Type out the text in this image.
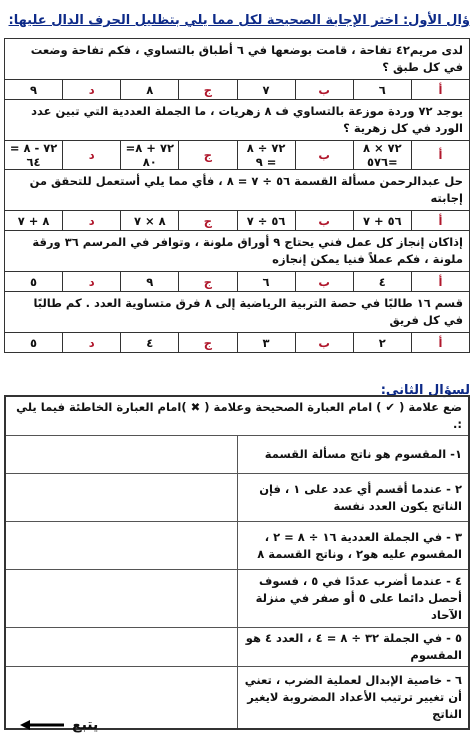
ؤال الأول: اختر الإجابة الصحيحة لكل مما يلي بتظليل الحرف الدال عليها:
لدى مريم٤٢ تفاحة ، قامت بوضعها في ٦ أطباق بالتساوي ، فكم تفاحة وضعت في كل طبق ؟							
أ	٦	ب	٧	ج	٨	د	٩
يوجد ٧٢ وردة موزعة بالتساوي ف ٨ زهريات ، ما الجملة العددية التي تبين عدد الورد في كل زهرية ؟							
أ	٧٢ × ٨ =٥٧٦	ب	٧٢ ÷ ٨ = ٩	ج	٧٢ + ٨= ٨٠	د	٧٢ - ٨ = ٦٤
حل عبدالرحمن مسألة القسمة ٥٦ ÷ ٧ = ٨ ، فأي مما يلي أستعمل للتحقق من إجابته							
أ	٥٦ + ٧	ب	٥٦ ÷ ٧	ج	٨ × ٧	د	٨ + ٧
إذاكان إنجاز كل عمل فني يحتاج ٩ أوراق ملونة ، وتوافر في المرسم ٣٦ ورقة ملونة ، فكم عملاً فنيا يمكن إنجازه							
أ	٤	ب	٦	ج	٩	د	٥
قسم ١٦ طالبًا في حصة التربية الرياضية إلى ٨ فرق متساوية العدد . كم طالبًا في كل فريق							
أ	٢	ب	٣	ج	٤	د	٥
لسؤال الثاني:
ضع علامة ( ✔ ) امام العبارة الصحيحة وعلامة ( ✖ )امام العبارة الخاطئة فيما يلي :.	
١- المقسوم هو ناتج مسألة القسمة	
٢ - عندما أقسم أي عدد على ١ ، فإن الناتج يكون العدد نفسة	
٣ - في الجملة العددية ١٦ ÷ ٨ = ٢ ، المقسوم عليه هو٢ ، وناتج القسمة ٨	
٤ - عندما أضرب عددًا في ٥ ، فسوف أحصل دائما على ٥ أو صفر في منزلة الآحاد	
٥ - في الجملة ٣٢ ÷ ٨ = ٤ ، العدد ٤ هو المقسوم	
٦ - خاصية الإبدال لعملية الضرب ، تعني أن تغيير ترتيب الأعداد المضروبة لايغير الناتج	
يتبع
